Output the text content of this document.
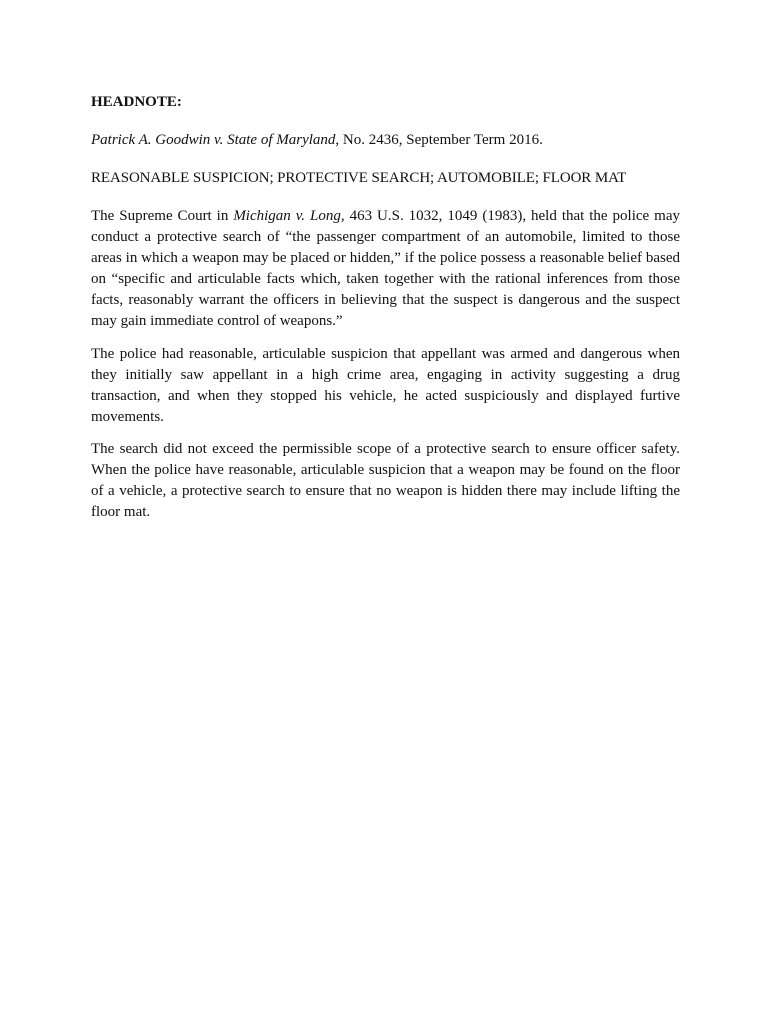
HEADNOTE:

Patrick A. Goodwin v. State of Maryland, No. 2436, September Term 2016.

REASONABLE SUSPICION; PROTECTIVE SEARCH; AUTOMOBILE; FLOOR MAT

The Supreme Court in Michigan v. Long, 463 U.S. 1032, 1049 (1983), held that the police may conduct a protective search of “the passenger compartment of an automobile, limited to those areas in which a weapon may be placed or hidden,” if the police possess a reasonable belief based on “specific and articulable facts which, taken together with the rational inferences from those facts, reasonably warrant the officers in believing that the suspect is dangerous and the suspect may gain immediate control of weapons.”

The police had reasonable, articulable suspicion that appellant was armed and dangerous when they initially saw appellant in a high crime area, engaging in activity suggesting a drug transaction, and when they stopped his vehicle, he acted suspiciously and displayed furtive movements.

The search did not exceed the permissible scope of a protective search to ensure officer safety. When the police have reasonable, articulable suspicion that a weapon may be found on the floor of a vehicle, a protective search to ensure that no weapon is hidden there may include lifting the floor mat.
